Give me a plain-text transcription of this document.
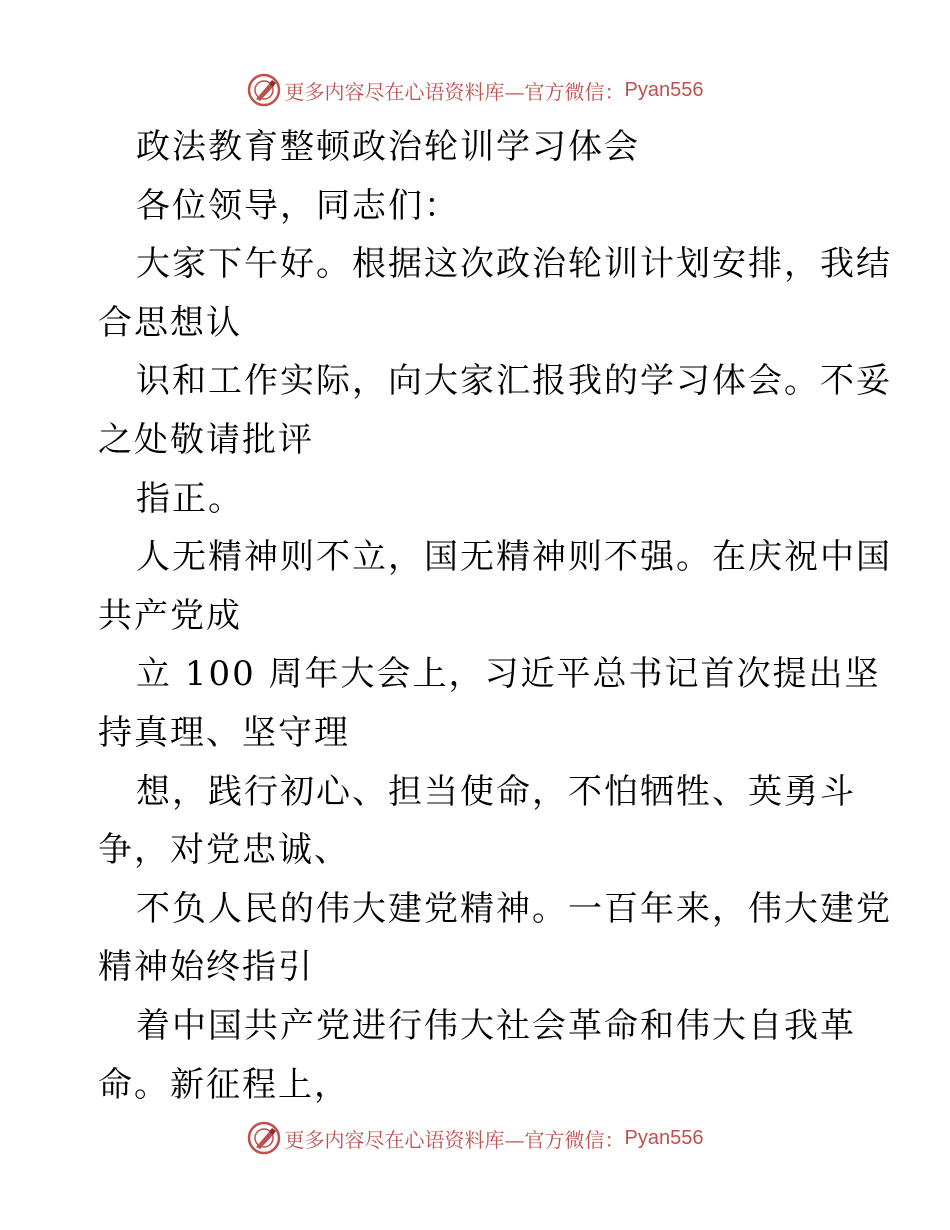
更多内容尽在心语资料库—官方微信： Pyan556
政法教育整顿政治轮训学习体会
各位领导，同志们：
大家下午好。根据这次政治轮训计划安排，我结
合思想认
识和工作实际，向大家汇报我的学习体会。不妥
之处敬请批评
指正。
人无精神则不立，国无精神则不强。在庆祝中国
共产党成
立 100 周年大会上，习近平总书记首次提出坚
持真理、坚守理
想，践行初心、担当使命，不怕牺牲、英勇斗
争，对党忠诚、
不负人民的伟大建党精神。一百年来，伟大建党
精神始终指引
着中国共产党进行伟大社会革命和伟大自我革
命。新征程上，
更多内容尽在心语资料库—官方微信： Pyan556
